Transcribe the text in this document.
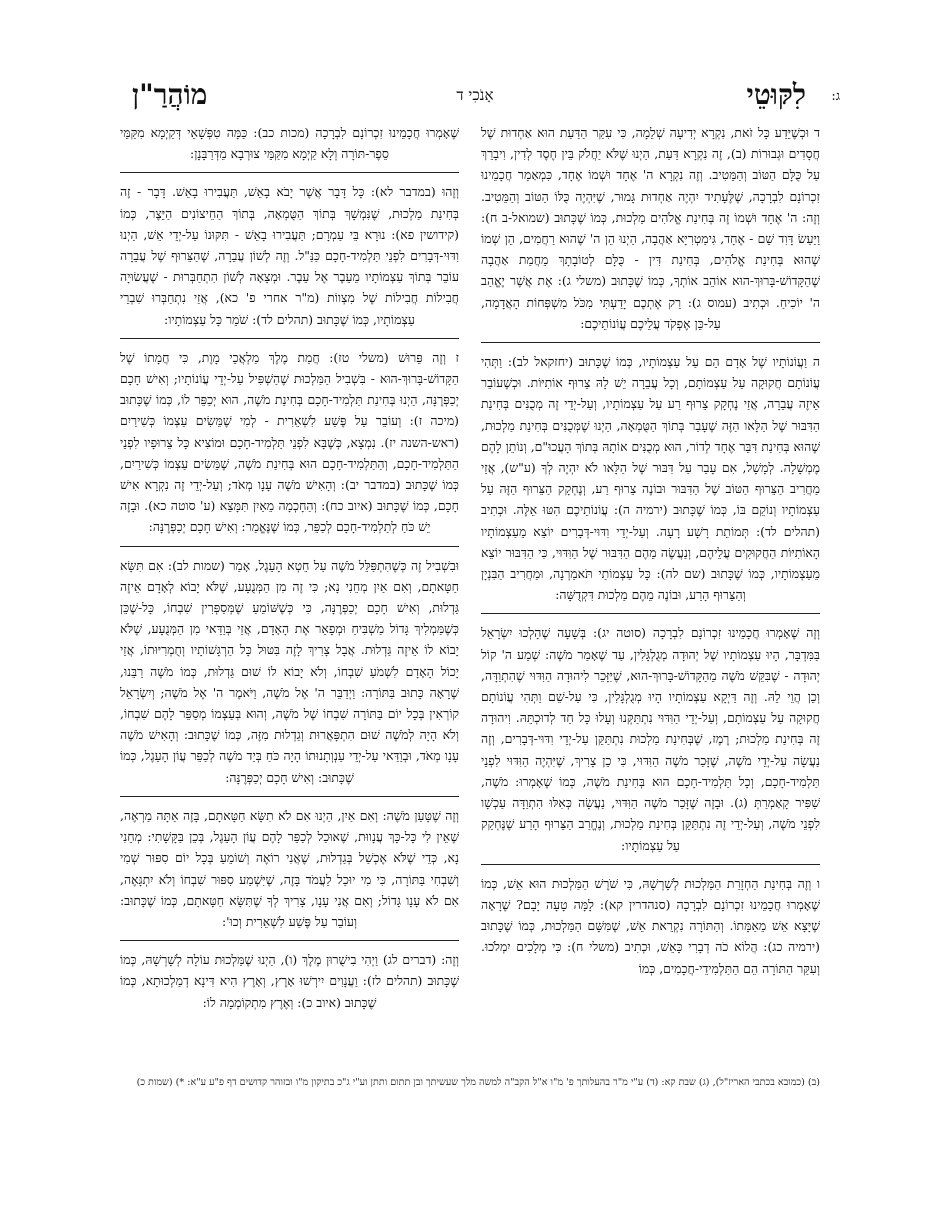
ג:
לִקּוּטֵי
אָנֹכִי ד
מוֹהֲרַ"ן

ד וּכְשֶׁיֵּדַע כָּל זֹאת, נִקְרָא יְדִיעָה שְׁלֵמָה, כִּי עִקַּר הַדַּעַת הוּא אַחְדוּת שֶׁל חֲסָדִים וּגְבוּרוֹת (ב), זֶה נִקְרָא דַּעַת, הַיְנוּ שֶׁלֹּא יַחֲלֹק בֵּין חֶסֶד לְדִין, וִיבָרֵךְ עַל כֻּלָּם הַטּוֹב וְהַמֵּטִיב. וְזֶה נִקְרָא ה' אֶחָד וּשְׁמוֹ אֶחָד, כִּמְאַמַר חֲכָמֵינוּ זִכְרוֹנָם לִבְרָכָה, שֶׁלֶּעָתִיד יִהְיֶה אַחְדוּת גָּמוּר, שֶׁיִּהְיֶה כֻּלּוֹ הַטּוֹב וְהַמֵּטִיב. וְזֶה: ה' אֶחָד וּשְׁמוֹ זֶה בְּחִינַת אֱלֹהִים מַלְכוּת, כְּמוֹ שֶׁכָּתוּב (שמואל-ב ח): וַיַּעַשׂ דָּוִד שֵׁם - אֶחָד, גִּימַטְרִיָּא אַהֲבָה, הַיְנוּ הֵן ה' שֶׁהוּא רַחֲמִים, הֵן שְׁמוֹ שֶׁהוּא בְּחִינַת אֱלֹהִים, בְּחִינַת דִּין - כֻּלָּם לְטוֹבָתָךְ מֵחֲמַת אַהֲבָה שֶׁהַקָּדוֹשׁ-בָּרוּךְ-הוּא אוֹהֵב אוֹתְךָ, כְּמוֹ שֶׁכָּתוּב (משלי ג): אֶת אֲשֶׁר יֶאֱהַב ה' יוֹכִיחַ. וּכְתִיב (עמוס ג): רַק אֶתְכֶם יָדַעְתִּי מִכֹּל מִשְׁפְּחוֹת הָאֲדָמָה, עַל-כֵּן אֶפְקֹד עֲלֵיכֶם עֲוֹנוֹתֵיכֶם:

ה וַעֲוֹנוֹתָיו שֶׁל אָדָם הֵם עַל עַצְמוֹתָיו, כְּמוֹ שֶׁכָּתוּב (יחזקאל לב): וַתְּהִי עֲוֹנוֹתָם חֲקוּקָה עַל עַצְמוֹתָם, וְכָל עֲבֵרָה יֵשׁ לָהּ צֵרוּף אוֹתִיּוֹת. וּכְשֶׁעוֹבֵר אֵיזֶה עֲבֵרָה, אֲזַי נֶחְקָק צֵרוּף רַע עַל עַצְמוֹתָיו, וְעַל-יְדֵי זֶה מְכֻנִּים בְּחִינַת הַדִּבּוּר שֶׁל הַלָּאו הַזֶּה שֶׁעָבַר בְּתוֹךְ הַטֻּמְאָה, הַיְנוּ שֶׁמְּכֻנִּים בְּחִינַת מַלְכוּת, שֶׁהוּא בְּחִינַת דִּבֵּר אֶחָד לְדוֹר, הוּא מְכֻנִּים אוֹתָהּ בְּתוֹךְ הָעֲכוּ"ם, וְנוֹתֵן לָהֶם מֶמְשָׁלָה. לְמָשָׁל, אִם עָבַר עַל דִּבּוּר שֶׁל הַלָּאו לֹא יִהְיֶה לְךָ (ע"ש), אֲזַי מַחֲרִיב הַצֵּרוּף הַטּוֹב שֶׁל הַדִּבּוּר וּבוֹנֶה צֵרוּף רַע, וְנֶחְקָק הַצֵּרוּף הַזֶּה עַל עַצְמוֹתָיו וְנוֹקֵם בּוֹ, כְּמוֹ שֶׁכָּתוּב (ירמיה ה): עֲוֹנוֹתֵיכֶם הִטּוּ אֵלֶּה. וּכְתִיב (תהלים לד): תְּמוֹתֵת רָשָׁע רָעָה. וְעַל-יְדֵי וִדּוּי-דְּבָרִים יוֹצֵא מֵעַצְמוֹתָיו הָאוֹתִיּוֹת הַחֲקוּקִים עֲלֵיהֶם, וְנַעֲשֶׂה מֵהֶם הַדִּבּוּר שֶׁל הַוִּדּוּי, כִּי הַדִּבּוּר יוֹצֵא מֵעַצְמוֹתָיו, כְּמוֹ שֶׁכָּתוּב (שם לה): כָּל עַצְמוֹתַי תֹּאמַרְנָה, וּמַחֲרִיב הַבִּנְיָן וְהַצֵּרוּף הָרַע, וּבוֹנֶה מֵהֶם מַלְכוּת דִּקְדֻשָּׁה:

וְזֶה שֶׁאָמְרוּ חֲכָמֵינוּ זִכְרוֹנָם לִבְרָכָה (סוטה יג): בְּשָׁעָה שֶׁהָלְכוּ יִשְׂרָאֵל בַּמִּדְבָּר, הָיוּ עַצְמוֹתָיו שֶׁל יְהוּדָה מְגֻלְגָּלִין, עַד שֶׁאָמַר מֹשֶׁה: שְׁמַע ה' קוֹל יְהוּדָה - שֶׁבִּקֵּשׁ מֹשֶׁה מֵהַקָּדוֹשׁ-בָּרוּךְ-הוּא, שֶׁיִּזָּכֵר לִיהוּדָה הַוִּדּוּי שֶׁהִתְוַדָּה, וְכֵן הֲוֵי לֵהּ. וְזֶה דַּיְקָא עַצְמוֹתָיו הָיוּ מְגֻלְגָּלִין, כִּי עַל-שֵׁם וַתְּהִי עֲוֹנוֹתָם חֲקוּקָה עַל עַצְמוֹתָם, וְעַל-יְדֵי הַוִּדּוּי נִתְתַּקְּנוּ וְעָלוּ כָּל חַד לְדוּכְתֵּהּ. וִיהוּדָה זֶה בְּחִינַת מַלְכוּת; רֶמֶז, שֶׁבְּחִינַת מַלְכוּת נִתְתַּקֵּן עַל-יְדֵי וִדּוּי-דְּבָרִים, וְזֶה נַעֲשָׂה עַל-יְדֵי מֹשֶׁה, שֶׁזָּכַר מֹשֶׁה הַוִּדּוּי, כִּי כֵן צָרִיךְ, שֶׁיִּהְיֶה הַוִּדּוּי לִפְנֵי תַּלְמִיד-חָכָם, וְכָל תַּלְמִיד-חָכָם הוּא בְּחִינַת מֹשֶׁה, כְּמוֹ שֶׁאָמְרוּ: מֹשֶׁה, שַׁפִּיר קָאַמְרַתְּ (ג). וּבָזֶה שֶׁזָּכַר מֹשֶׁה הַוִּדּוּי, נַעֲשָׂה כְּאִלּוּ הִתְוַדָּה עַכְשָׁו לִפְנֵי מֹשֶׁה, וְעַל-יְדֵי זֶה נִתְתַּקֵּן בְּחִינַת מַלְכוּת, וְנֶחֱרַב הַצֵּרוּף הָרַע שֶׁנֶּחְקַק עַל עַצְמוֹתָיו:

ו וְזֶה בְּחִינַת הַחְזָרַת הַמַּלְכוּת לְשָׁרְשָׁהּ, כִּי שֹׁרֶשׁ הַמַּלְכוּת הוּא אֵשׁ, כְּמוֹ שֶׁאָמְרוּ חֲכָמֵינוּ זִכְרוֹנָם לִבְרָכָה (סנהדרין קא): לָמָּה טָעָה יָבָם? שֶׁרָאָה שֶׁיָּצָא אֵשׁ מֵאַמָּתוֹ. וְהַתּוֹרָה נִקְרֵאת אֵשׁ, שֶׁמִּשָּׁם הַמַּלְכוּת, כְּמוֹ שֶׁכָּתוּב (ירמיה כג): הֲלוֹא כֹה דְבָרִי כָּאֵשׁ, וּכְתִיב (משלי ח): כִּי מְלָכִים יִמְלֹכוּ. וְעִקַּר הַתּוֹרָה הֵם הַתַּלְמִידֵי-חֲכָמִים, כְּמוֹ

שֶׁאָמְרוּ חֲכָמֵינוּ זִכְרוֹנָם לִבְרָכָה (מכות כב): כַּמָּה טִפְּשָׁאֵי דְּקַיְמָא מִקַּמֵּי סֵפֶר-תּוֹרָה וְלָא קַיְמָא מִקַּמֵּי צוּרְבָא מֵדְּרַבָּנָן:

וְזֶהוּ (במדבר לא): כָּל דָּבָר אֲשֶׁר יָבֹא בָאֵשׁ, תַּעֲבִירוּ בָאֵשׁ. דָּבָר - זֶה בְּחִינַת מַלְכוּת, שֶׁנִּמְשָׁךְ בְּתוֹךְ הַטֻּמְאָה, בְּתוֹךְ הַחֵיצוֹנִים הַיֵּצֶר, כְּמוֹ (קידושין פא): נוּרָא בֵּי עַמְרָם; תַּעֲבִירוּ בָאֵשׁ - תִּקּוּנוֹ עַל-יְדֵי אֵשׁ, הַיְנוּ וִדּוּי-דְּבָרִים לִפְנֵי תַּלְמִיד-חָכָם כַּנַּ"ל. וְזֶה לְשׁוֹן עֲבֵרָה, שֶׁהַצֵּרוּף שֶׁל עֲבֵרָה עוֹבֵר בְּתוֹךְ עַצְמוֹתָיו מֵעֵבֶר אֶל עֵבֶר. וּמְצָאָה לְשׁוֹן הִתְחַבְּרוּת - שֶׁעֲשׂוּיָה חֲבִילוֹת חֲבִילוֹת שֶׁל מִצְווֹת (מ"ר אחרי פ' כא), אֲזַי נִתְחַבְּרוּ שִׁבְרֵי עַצְמוֹתָיו, כְּמוֹ שֶׁכָּתוּב (תהלים לד): שֹׁמֵר כָּל עַצְמוֹתָיו:

ז וְזֶה פֵּרוּשׁ (משלי טז): חֲמַת מֶלֶךְ מַלְאֲכֵי מָוֶת, כִּי חֲמָתוֹ שֶׁל הַקָּדוֹשׁ-בָּרוּךְ-הוּא - בִּשְׁבִיל הַמַּלְכוּת שֶׁהַשְׁפִּיל עַל-יְדֵי עֲוֹנוֹתָיו; וְאִישׁ חָכָם יְכַפְּרֶנָּה, הַיְנוּ בְּחִינַת תַּלְמִיד-חָכָם בְּחִינַת מֹשֶׁה, הוּא יְכַפֵּר לוֹ, כְּמוֹ שֶׁכָּתוּב (מיכה ז): וְעוֹבֵר עַל פֶּשַׁע לִשְׁאֵרִית - לְמִי שֶׁמֵּשִׂים עַצְמוֹ כְּשִׁירַיִם (ראש-השנה יז). נִמְצָא, כְּשֶׁבָּא לִפְנֵי תַּלְמִיד-חָכָם וּמוֹצִיא כָּל צֵרוּפָיו לִפְנֵי הַתַּלְמִיד-חָכָם, וְהַתַּלְמִיד-חָכָם הוּא בְּחִינַת מֹשֶׁה, שֶׁמֵּשִׂים עַצְמוֹ כְּשִׁירַיִם, כְּמוֹ שֶׁכָּתוּב (במדבר יב): וְהָאִישׁ מֹשֶׁה עָנָו מְאֹד; וְעַל-יְדֵי זֶה נִקְרָא אִישׁ חָכָם, כְּמוֹ שֶׁכָּתוּב (איוב כח): וְהַחָכְמָה מֵאַיִן תִּמָּצֵא (ע' סוטה כא). וּבָזֶה יֵשׁ כֹּחַ לְתַלְמִיד-חָכָם לְכַפֵּר, כְּמוֹ שֶׁנֶּאֱמַר: וְאִישׁ חָכָם יְכַפְּרֶנָּה:

וּבִשְׁבִיל זֶה כְּשֶׁהִתְפַּלֵּל מֹשֶׁה עַל חֵטְא הָעֵגֶל, אָמַר (שמות לב): אִם תִּשָּׂא חַטָּאתָם, וְאִם אַיִן מְחֵנִי נָא; כִּי זֶה מִן הַמְּנֻעָע, שֶׁלֹּא יָבוֹא לְאָדָם אֵיזֶה גַּדְלוּת, וְאִישׁ חָכָם יְכַפְּרֶנָּה, כִּי כְּשֶׁשּׁוֹמֵעַ שֶׁמְּסַפְּרִין שִׁבְחוֹ, כָּל-שֶׁכֵּן כְּשֶׁמַּמְלִיךְ גָּדוֹל מַשְׁבִּיחַ וּמְפָאֵר אֶת הָאָדָם, אֲזַי בְּוַדַּאי מִן הַמְּנֻעָע, שֶׁלֹּא יָבוֹא לוֹ אֵיזֶה גַּדְלוּת. אֲבָל צָרִיךְ לָזֶה בִּטּוּל כָּל הַרְגָּשׁוֹתָיו וְחֻמְרִיּוּתוֹ, אֲזַי יָכוֹל הָאָדָם לִשְׁמֹעַ שִׁבְחוֹ, וְלֹא יָבוֹא לוֹ שׁוּם גַּדְלוּת, כְּמוֹ מֹשֶׁה רַבֵּנוּ, שֶׁרָאָה כָּתוּב בַּתּוֹרָה: וַיְדַבֵּר ה' אֶל מֹשֶׁה, וַיֹּאמֶר ה' אֶל מֹשֶׁה; וְיִשְׂרָאֵל קוֹרְאִין בְּכָל יוֹם בַּתּוֹרָה שִׁבְחוֹ שֶׁל מֹשֶׁה, וְהוּא בְּעַצְמוֹ מְסַפֵּר לָהֶם שִׁבְחוֹ, וְלֹא הָיָה לְמֹשֶׁה שׁוּם הִתְפָּאֲרוּת וְגַדְלוּת מִזֶּה, כְּמוֹ שֶׁכָּתוּב: וְהָאִישׁ מֹשֶׁה עָנָו מְאֹד, וּבְוַדַּאי עַל-יְדֵי עַנְוְתָנוּתוֹ הָיָה כֹּחַ בְּיַד מֹשֶׁה לְכַפֵּר עֲוֹן הָעֵגֶל, כְּמוֹ שֶׁכָּתוּב: וְאִישׁ חָכָם יְכַפְּרֶנָּה:

וְזֶה שֶׁטָּעַן מֹשֶׁה: וְאִם אַיִן, הַיְנוּ אִם לֹא תִשָּׂא חַטָּאתָם, בָּזֶה אַתָּה מַרְאֶה, שֶׁאֵין לִי כָּל-כָּךְ עֲנָווּת, שֶׁאוּכַל לְכַפֵּר לָהֶם עֲוֹן הָעֵגֶל, בְּכֵן בַּקָּשָׁתִי: מְחֵנִי נָא, כְּדֵי שֶׁלֹּא אֶכְשַׁל בְּגַדְלוּת, שֶׁאֲנִי רוֹאֶה וְשׁוֹמֵעַ בְּכָל יוֹם סִפּוּר שְׁמִי וְשִׁבְחִי בַּתּוֹרָה, כִּי מִי יוּכַל לַעֲמֹד בָּזֶה, שֶׁיִּשְׁמַע סִפּוּר שִׁבְחוֹ וְלֹא יִתְגָּאֶה, אִם לֹא עָנָו גָּדוֹל; וְאִם אֲנִי עָנָו, צָרִיךְ לְךָ שֶׁתִּשָּׂא חַטָּאתָם, כְּמוֹ שֶׁכָּתוּב: וְעוֹבֵר עַל פֶּשַׁע לִשְׁאֵרִית וְכוּ':

וְזֶה: (דברים לג) וַיְהִי בִישֻׁרוּן מֶלֶךְ (ו), הַיְנוּ שֶׁמַּלְכוּת עוֹלָה לְשָׁרְשָׁהּ, כְּמוֹ שֶׁכָּתוּב (תהלים לז): וַעֲנָוִים יִירְשׁוּ אָרֶץ, וְאָרֶץ הִיא דִּינָא דְמַלְכוּתָא, כְּמוֹ שֶׁכָּתוּב (איוב כ): וְאֶרֶץ מִתְקוֹמְמָה לוֹ:

(ב) (כמובא בכתבי האריז"ל), (ג) שבת קא: (ד) ע"י מ"ר בהעלותך פ' מ"ו א"ל הקב"ה למשה מלך שעשיתך ובן תתום ותתן וע"י ג"כ בתיקון מ"ו ובזוהר קדושים דף פ"ע ע"א: *) (שמות כ)
